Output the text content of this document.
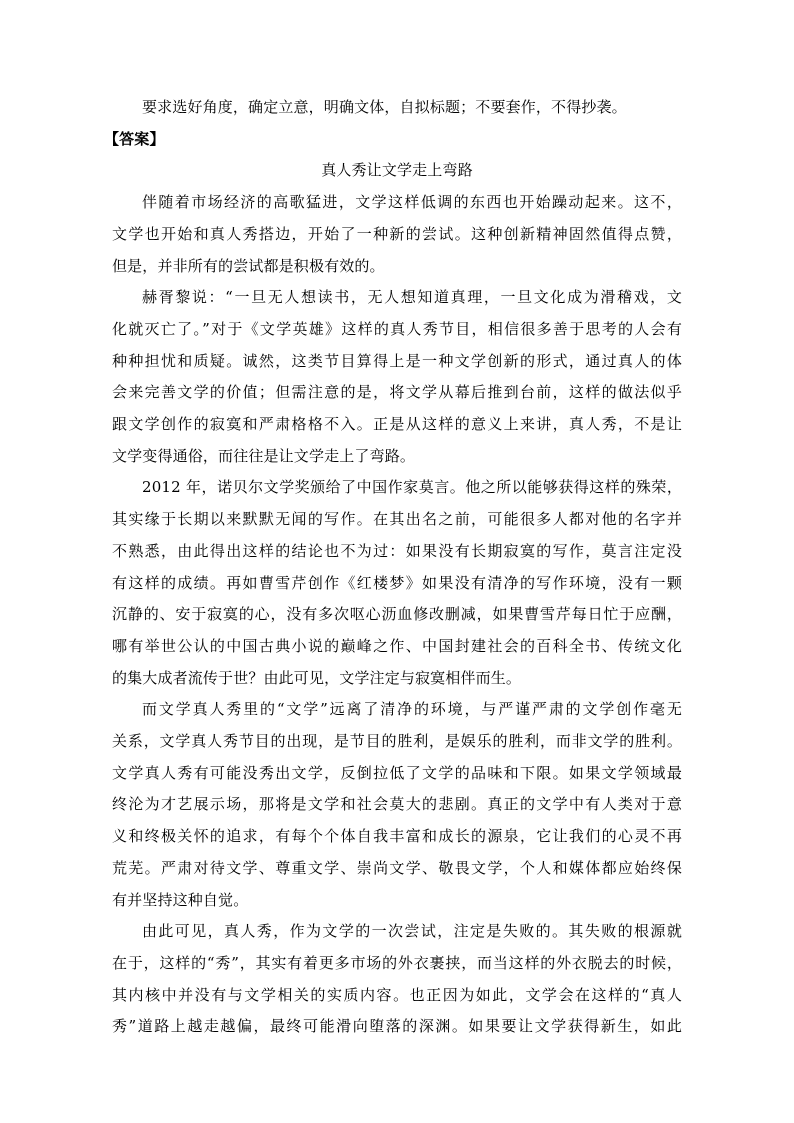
要求选好角度，确定立意，明确文体，自拟标题；不要套作，不得抄袭。
【答案】
真人秀让文学走上弯路
伴随着市场经济的高歌猛进，文学这样低调的东西也开始躁动起来。这不，
文学也开始和真人秀搭边，开始了一种新的尝试。这种创新精神固然值得点赞，
但是，并非所有的尝试都是积极有效的。
赫胥黎说：“一旦无人想读书，无人想知道真理，一旦文化成为滑稽戏，文
化就灭亡了。”对于《文学英雄》这样的真人秀节目，相信很多善于思考的人会有
种种担忧和质疑。诚然，这类节目算得上是一种文学创新的形式，通过真人的体
会来完善文学的价值；但需注意的是，将文学从幕后推到台前，这样的做法似乎
跟文学创作的寂寞和严肃格格不入。正是从这样的意义上来讲，真人秀，不是让
文学变得通俗，而往往是让文学走上了弯路。
2012 年，诺贝尔文学奖颁给了中国作家莫言。他之所以能够获得这样的殊荣，
其实缘于长期以来默默无闻的写作。在其出名之前，可能很多人都对他的名字并
不熟悉，由此得出这样的结论也不为过：如果没有长期寂寞的写作，莫言注定没
有这样的成绩。再如曹雪芹创作《红楼梦》如果没有清净的写作环境，没有一颗
沉静的、安于寂寞的心，没有多次呕心沥血修改删减，如果曹雪芹每日忙于应酬，
哪有举世公认的中国古典小说的巅峰之作、中国封建社会的百科全书、传统文化
的集大成者流传于世？由此可见，文学注定与寂寞相伴而生。
而文学真人秀里的“文学”远离了清净的环境，与严谨严肃的文学创作毫无
关系，文学真人秀节目的出现，是节目的胜利，是娱乐的胜利，而非文学的胜利。
文学真人秀有可能没秀出文学，反倒拉低了文学的品味和下限。如果文学领域最
终沦为才艺展示场，那将是文学和社会莫大的悲剧。真正的文学中有人类对于意
义和终极关怀的追求，有每个个体自我丰富和成长的源泉，它让我们的心灵不再
荒芜。严肃对待文学、尊重文学、崇尚文学、敬畏文学，个人和媒体都应始终保
有并坚持这种自觉。
由此可见，真人秀，作为文学的一次尝试，注定是失败的。其失败的根源就
在于，这样的“秀”，其实有着更多市场的外衣裹挟，而当这样的外衣脱去的时候，
其内核中并没有与文学相关的实质内容。也正因为如此，文学会在这样的“真人
秀”道路上越走越偏，最终可能滑向堕落的深渊。如果要让文学获得新生，如此
